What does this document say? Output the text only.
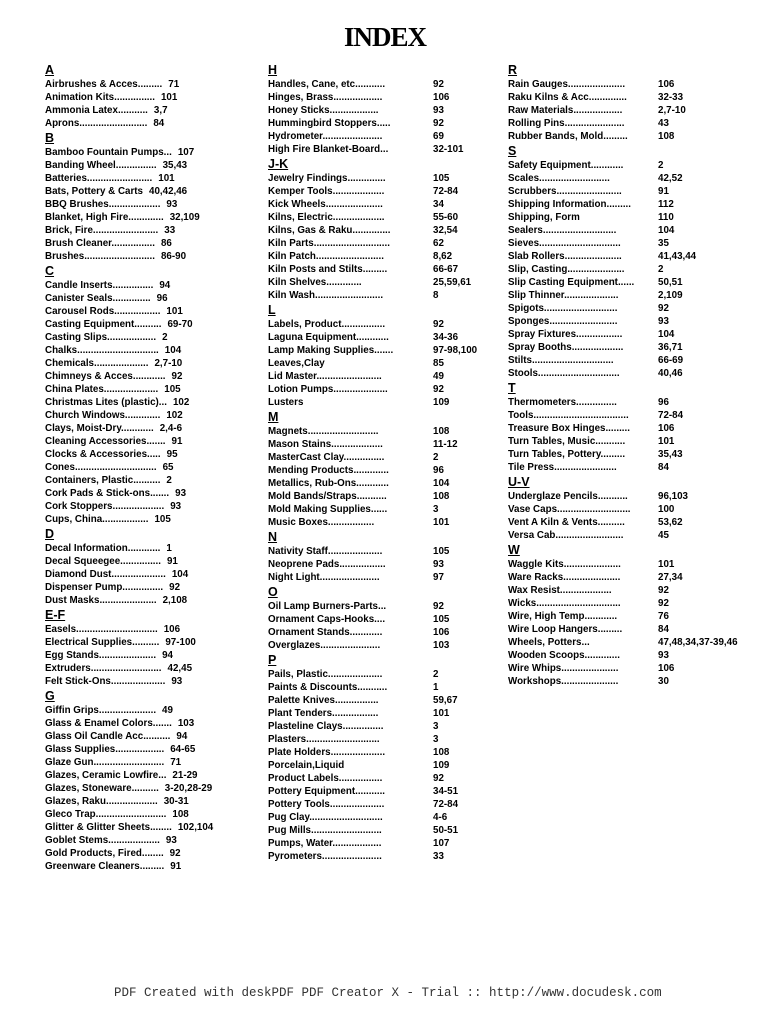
INDEX
A
Airbrushes & Acces......... 71
Animation Kits............... 101
Ammonia Latex........... 3,7
Aprons......................... 84
B
Bamboo Fountain Pumps... 107
Banding Wheel............... 35,43
Batteries........................ 101
Bats, Pottery & Carts 40,42,46
BBQ Brushes................... 93
Blanket, High Fire............. 32,109
Brick, Fire........................ 33
Brush Cleaner................ 86
Brushes.......................... 86-90
C
Candle Inserts............... 94
Canister Seals.............. 96
Carousel Rods................. 101
Casting Equipment.......... 69-70
Casting Slips.................. 2
Chalks.............................. 104
Chemicals.................... 2,7-10
Chimneys & Acces............ 92
China Plates.................... 105
Christmas Lites (plastic)... 102
Church Windows............. 102
Clays, Moist-Dry............ 2,4-6
Cleaning Accessories....... 91
Clocks & Accessories..... 95
Cones.............................. 65
Containers, Plastic.......... 2
Cork Pads & Stick-ons....... 93
Cork Stoppers................... 93
Cups, China................. 105
D
Decal Information............ 1
Decal Squeegee............... 91
Diamond Dust.................... 104
Dispenser Pump............... 92
Dust Masks..................... 2,108
E-F
Easels.............................. 106
Electrical Supplies.......... 97-100
Egg Stands..................... 94
Extruders.......................... 42,45
Felt Stick-Ons.................... 93
G
Giffin Grips..................... 49
Glass & Enamel Colors....... 103
Glass Oil Candle Acc.......... 94
Glass Supplies.................. 64-65
Glaze Gun.......................... 71
Glazes, Ceramic Lowfire... 21-29
Glazes, Stoneware.......... 3-20,28-29
Glazes, Raku................... 30-31
Gleco Trap.......................... 108
Glitter & Glitter Sheets........ 102,104
Goblet Stems................... 93
Gold Products, Fired........ 92
Greenware Cleaners......... 91
H
Handles, Cane, etc...........	92
Hinges, Brass..................	106
Honey Sticks..................	93
Hummingbird Stoppers.....	92
Hydrometer......................	69
High Fire Blanket-Board...	32-101
J-K
Jewelry Findings..............	105
Kemper Tools...................	72-84
Kick Wheels.....................	34
Kilns, Electric...................	55-60
Kilns, Gas & Raku..............	32,54
Kiln Parts............................	62
Kiln Patch.........................	8,62
Kiln Posts and Stilts.........	66-67
Kiln Shelves.............	25,59,61
Kiln Wash.........................	8
L
Labels, Product................	92
Laguna Equipment............	34-36
Lamp Making Supplies.......	97-98,100
Leaves,Clay	85
Lid Master........................	49
Lotion Pumps....................	92
Lusters	109
M
Magnets..........................	108
Mason Stains...................	11-12
MasterCast Clay...............	2
Mending Products.............	96
Metallics, Rub-Ons............	104
Mold Bands/Straps...........	108
Mold Making Supplies......	3
Music Boxes.................	101
N
Nativity Staff....................	105
Neoprene Pads.................	93
Night Light......................	97
O
Oil Lamp Burners-Parts...	92
Ornament Caps-Hooks....	105
Ornament Stands............	106
Overglazes......................	103
P
Pails, Plastic....................	2
Paints & Discounts...........	1
Palette Knives................	59,67
Plant Tenders.................	101
Plasteline Clays...............	3
Plasters...........................	3
Plate Holders....................	108
Porcelain,Liquid	109
Product Labels................	92
Pottery Equipment...........	34-51
Pottery Tools....................	72-84
Pug Clay...........................	4-6
Pug Mills..........................	50-51
Pumps, Water..................	107
Pyrometers......................	33
R
Rain Gauges.....................	106
Raku Kilns & Acc..............	32-33
Raw Materials..................	2,7-10
Rolling Pins......................	43
Rubber Bands, Mold.........	108
S
Safety Equipment............	2
Scales..........................	42,52
Scrubbers........................	91
Shipping Information.........	112
Shipping, Form	110
Sealers...........................	104
Sieves..............................	35
Slab Rollers.....................	41,43,44
Slip, Casting.....................	2
Slip Casting Equipment......	50,51
Slip Thinner....................	2,109
Spigots...........................	92
Sponges.........................	93
Spray Fixtures.................	104
Spray Booths...................	36,71
Stilts..............................	66-69
Stools..............................	40,46
T
Thermometers...............	96
Tools...................................	72-84
Treasure Box Hinges.........	106
Turn Tables, Music...........	101
Turn Tables, Pottery.........	35,43
Tile Press.......................	84
U-V
Underglaze Pencils...........	96,103
Vase Caps...........................	100
Vent A Kiln & Vents..........	53,62
Versa Cab.........................	45
W
Waggle Kits.....................	101
Ware Racks.....................	27,34
Wax Resist...................	92
Wicks...............................	92
Wire, High Temp............	76
Wire Loop Hangers.........	84
Wheels, Potters...	47,48,34,37-39,46
Wooden Scoops.............	93
Wire Whips.....................	106
Workshops.....................	30
PDF Created with deskPDF PDF Creator X - Trial :: http://www.docudesk.com
